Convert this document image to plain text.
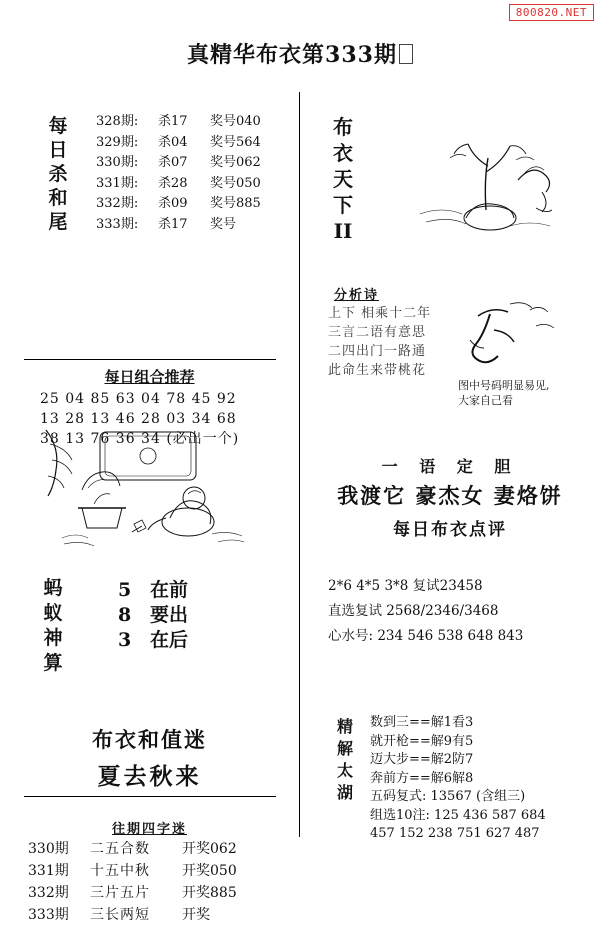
800820.NET
真精华布衣第333期
每日杀和尾
328期: 杀17 奖号040
329期: 杀04 奖号564
330期: 杀07 奖号062
331期: 杀28 奖号050
332期: 杀09 奖号885
333期: 杀17 奖号
每日组合推荐
25 04 85 63 04 78 45 92
13 28 13 46 28 03 34 68
38 13 76 36 34 (必出一个)
蚂蚁神算
5
8
3
在前
要出
在后
布衣和值迷
夏去秋来
往期四字迷
330期 二五合数 开奖062
331期 十五中秋 开奖050
332期 三片五片 开奖885
333期 三长两短 开奖
布衣天下II
分析诗
上下 相乘十二年
三言二语有意思
二四出门一路通
此命生来带桃花
图中号码明显易见,
大家自己看
一 语 定 胆
我渡它 豪杰女 妻烙饼
每日布衣点评
2*6 4*5 3*8 复试23458
直选复试 2568/2346/3468
心水号: 234 546 538 648 843
精解太湖
数到三==解1看3
就开枪==解9有5
迈大步==解2防7
奔前方==解6解8
五码复式: 13567 (含组三)
组选10注: 125 436 587 684
457 152 238 751 627 487
